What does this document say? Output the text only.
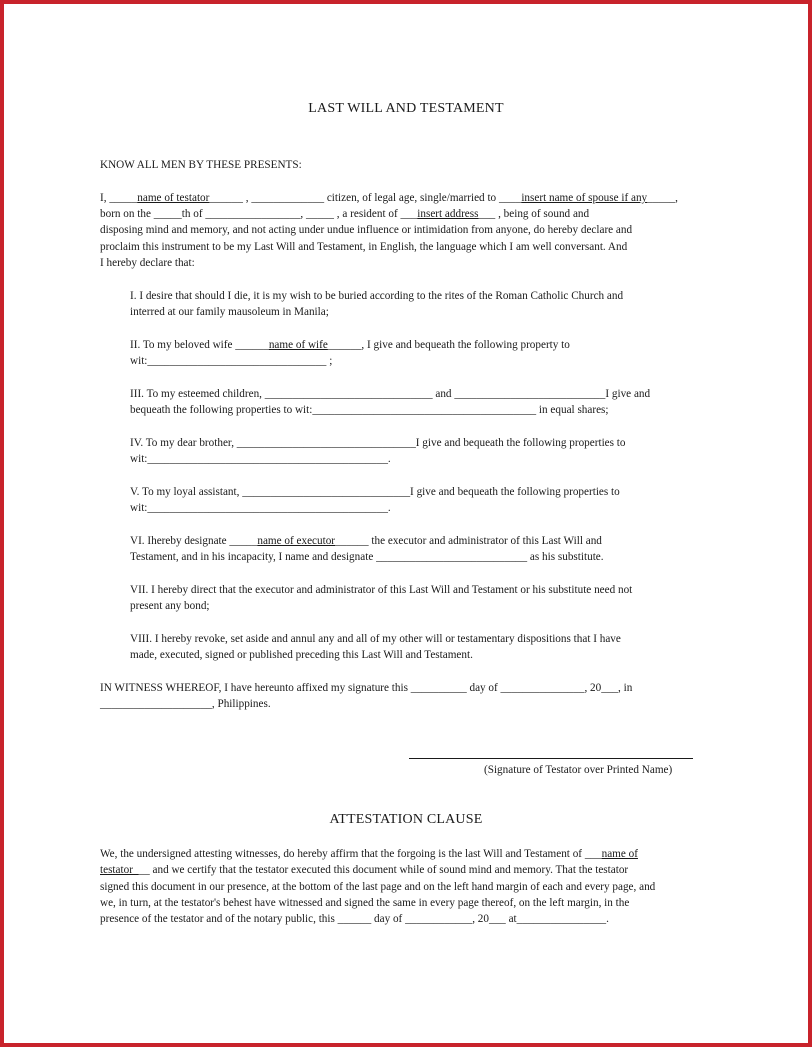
LAST WILL AND TESTAMENT
KNOW ALL MEN BY THESE PRESENTS:
I, _____name of testator______ , _____________ citizen, of legal age, single/married to ____insert name of spouse if any_____,
born on the _____th of _________________, _____ , a resident of ___insert address___ , being of sound and
disposing mind and memory, and not acting under undue influence or intimidation from anyone, do hereby declare and
proclaim this instrument to be my Last Will and Testament, in English, the language which I am well conversant. And
I hereby declare that:
I. I desire that should I die, it is my wish to be buried according to the rites of the Roman Catholic Church and
interred at our family mausoleum in Manila;
II. To my beloved wife ______name of wife______, I give and bequeath the following property to
wit:________________________________ ;
III. To my esteemed children, ______________________________ and ___________________________I give and
bequeath the following properties to wit:________________________________________ in equal shares;
IV. To my dear brother, ________________________________I give and bequeath the following properties to
wit:___________________________________________.
V. To my loyal assistant, ______________________________I give and bequeath the following properties to
wit:___________________________________________.
VI. Ihereby designate _____name of executor______ the executor and administrator of this Last Will and
Testament, and in his incapacity, I name and designate ___________________________ as his substitute.
VII. I hereby direct that the executor and administrator of this Last Will and Testament or his substitute need not
present any bond;
VIII. I hereby revoke, set aside and annul any and all of my other will or testamentary dispositions that I have
made, executed, signed or published preceding this Last Will and Testament.
IN WITNESS WHEREOF, I have hereunto affixed my signature this __________ day of _______________, 20___, in
____________________, Philippines.
(Signature of Testator over Printed Name)
ATTESTATION CLAUSE
We, the undersigned attesting witnesses, do hereby affirm that the forgoing is the last Will and Testament of ___name of
testator___ and we certify that the testator executed this document while of sound mind and memory. That the testator
signed this document in our presence, at the bottom of the last page and on the left hand margin of each and every page, and
we, in turn, at the testator's behest have witnessed and signed the same in every page thereof, on the left margin, in the
presence of the testator and of the notary public, this ______ day of ____________, 20___ at________________.
